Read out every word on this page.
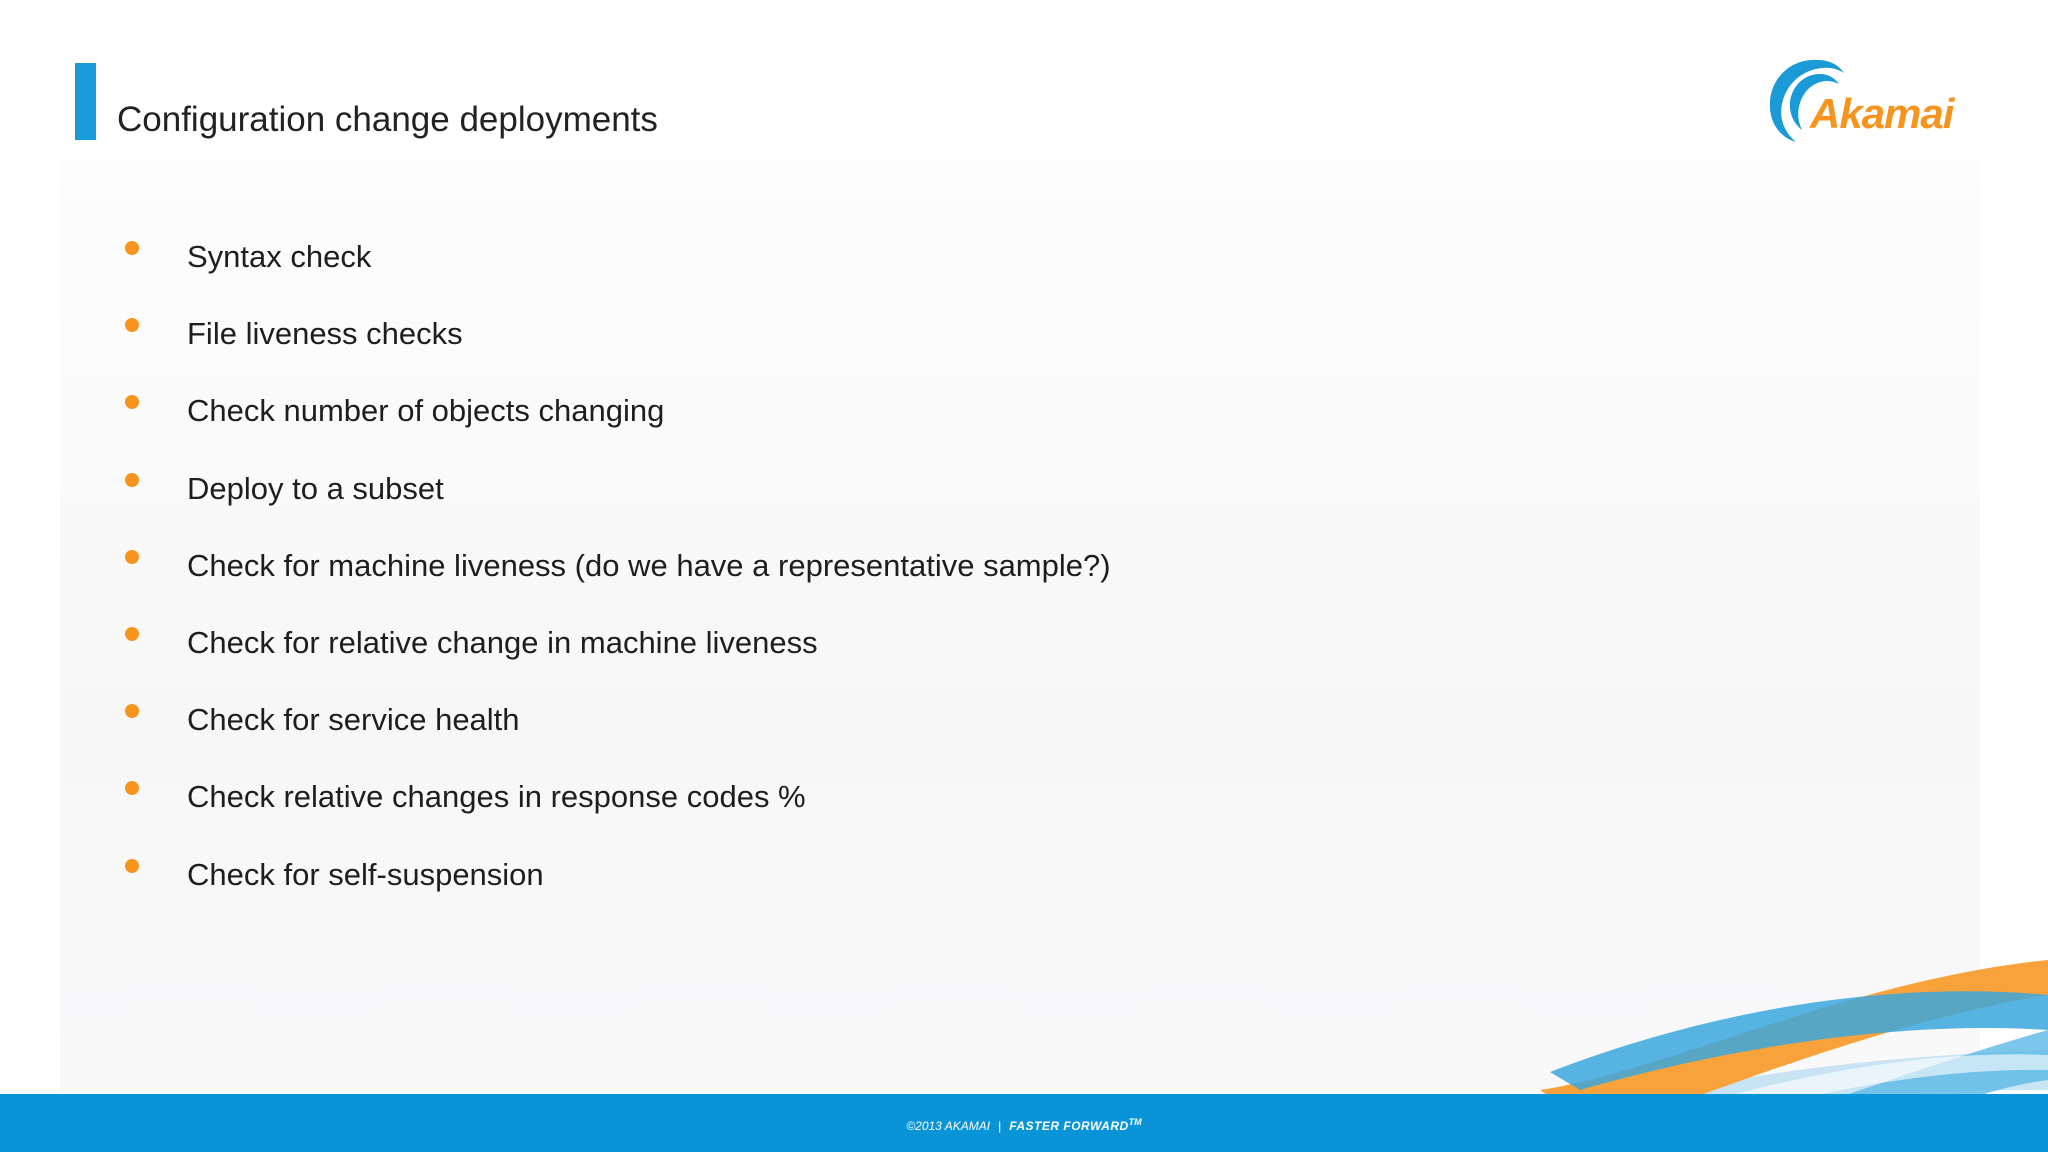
Configuration change deployments	Akamai
Syntax check
File liveness checks
Check number of objects changing
Deploy to a subset
Check for machine liveness (do we have a representative sample?)
Check for relative change in machine liveness
Check for service health
Check relative changes in response codes %
Check for self-suspension
©2013 AKAMAI | FASTER FORWARD™
